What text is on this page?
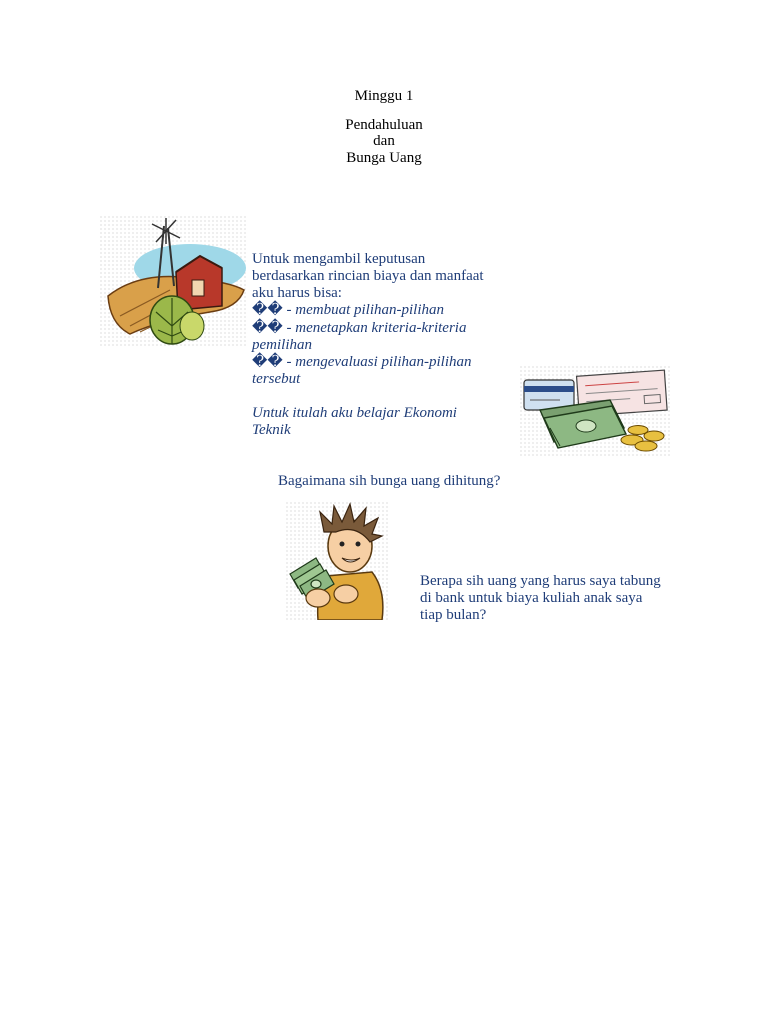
Minggu 1
Pendahuluan
dan
Bunga Uang
Untuk mengambil keputusan
berdasarkan rincian biaya dan manfaat
aku harus bisa:
�� - membuat pilihan-pilihan
�� - menetapkan kriteria-kriteria
pemilihan
�� - mengevaluasi pilihan-pilihan
tersebut
Untuk itulah aku belajar Ekonomi
Teknik
Bagaimana sih bunga uang dihitung?
Berapa sih uang yang harus saya tabung
di bank untuk biaya kuliah anak saya
tiap bulan?
